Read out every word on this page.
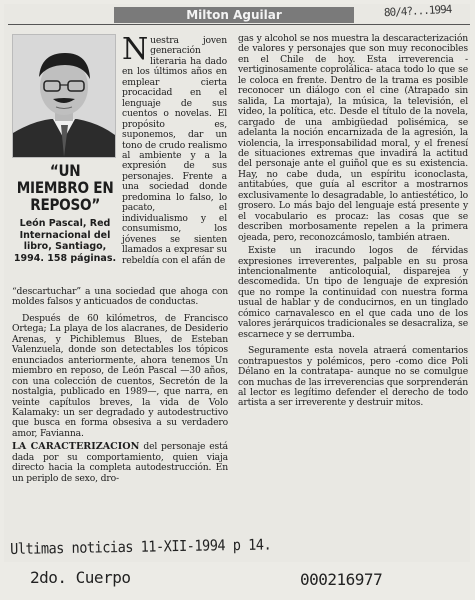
Milton Aguilar	80/4?...1994
“UN MIEMBRO EN REPOSO”
León Pascal, Red Internacional del libro, Santiago, 1994. 158 páginas.

Nuestra joven generación literaria ha dado en los últimos años en emplear cierta procacidad en el lenguaje de sus cuentos o novelas. El propósito es, suponemos, dar un tono de crudo realismo al ambiente y a la expresión de sus personajes. Frente a una sociedad donde predomina lo falso, lo pacato, el individualismo y el consumismo, los jóvenes se sienten llamados a expresar su rebeldía con el afán de

“descartuchar” a una sociedad que ahoga con moldes falsos y anticuados de conductas.

Después de 60 kilómetros, de Francisco Ortega; La playa de los alacranes, de Desiderio Arenas, y Pichiblemus Blues, de Esteban Valenzuela, donde son detectables los tópicos enunciados anteriormente, ahora tenemos Un miembro en reposo, de León Pascal —30 años, con una colección de cuentos, Secretón de la nostalgia, publicado en 1989—, que narra, en veinte capítulos breves, la vida de Volo Kalamaky: un ser degradado y autodestructivo que busca en forma obsesiva a su verdadero amor, Favianna.

LA CARACTERIZACION del personaje está dada por su comportamiento, quien viaja directo hacia la completa autodestrucción. En un periplo de sexo, dro-

gas y alcohol se nos muestra la descaracterización de valores y personajes que son muy reconocibles en el Chile de hoy. Esta irreverencia -vertiginosamente coprolálica- ataca todo lo que se le coloca en frente. Dentro de la trama es posible reconocer un diálogo con el cine (Atrapado sin salida, La mortaja), la música, la televisión, el video, la política, etc. Desde el título de la novela, cargado de una ambigüedad polisémica, se adelanta la noción encarnizada de la agresión, la violencia, la irresponsabilidad moral, y el frenesí de situaciones extremas que invadirá la actitud del personaje ante el guiñol que es su existencia. Hay, no cabe duda, un espíritu iconoclasta, antitabúes, que guía al escritor a mostrarnos exclusivamente lo desagradable, lo antiestético, lo grosero. Lo más bajo del lenguaje está presente y el vocabulario es procaz: las cosas que se describen morbosamente repelen a la primera ojeada, pero, reconozcámoslo, también atraen.

Existe un iracundo logos de férvidas expresiones irreverentes, palpable en su prosa intencionalmente anticoloquial, disparejea y descomedida. Un tipo de lenguaje de expresión que no rompe la continuidad con nuestra forma usual de hablar y de conducirnos, en un tinglado cómico carnavalesco en el que cada uno de los valores jerárquicos tradicionales se desacraliza, se escarnece y se derrumba.

Seguramente esta novela atraerá comentarios contrapuestos y polémicos, pero -como dice Poli Délano en la contratapa- aunque no se comulgue con muchas de las irreverencias que sorprenderán al lector es legítimo defender el derecho de todo artista a ser irreverente y destruir mitos.

Ultimas noticias 11-XII-1994 p 14.
2do. Cuerpo	000216977
